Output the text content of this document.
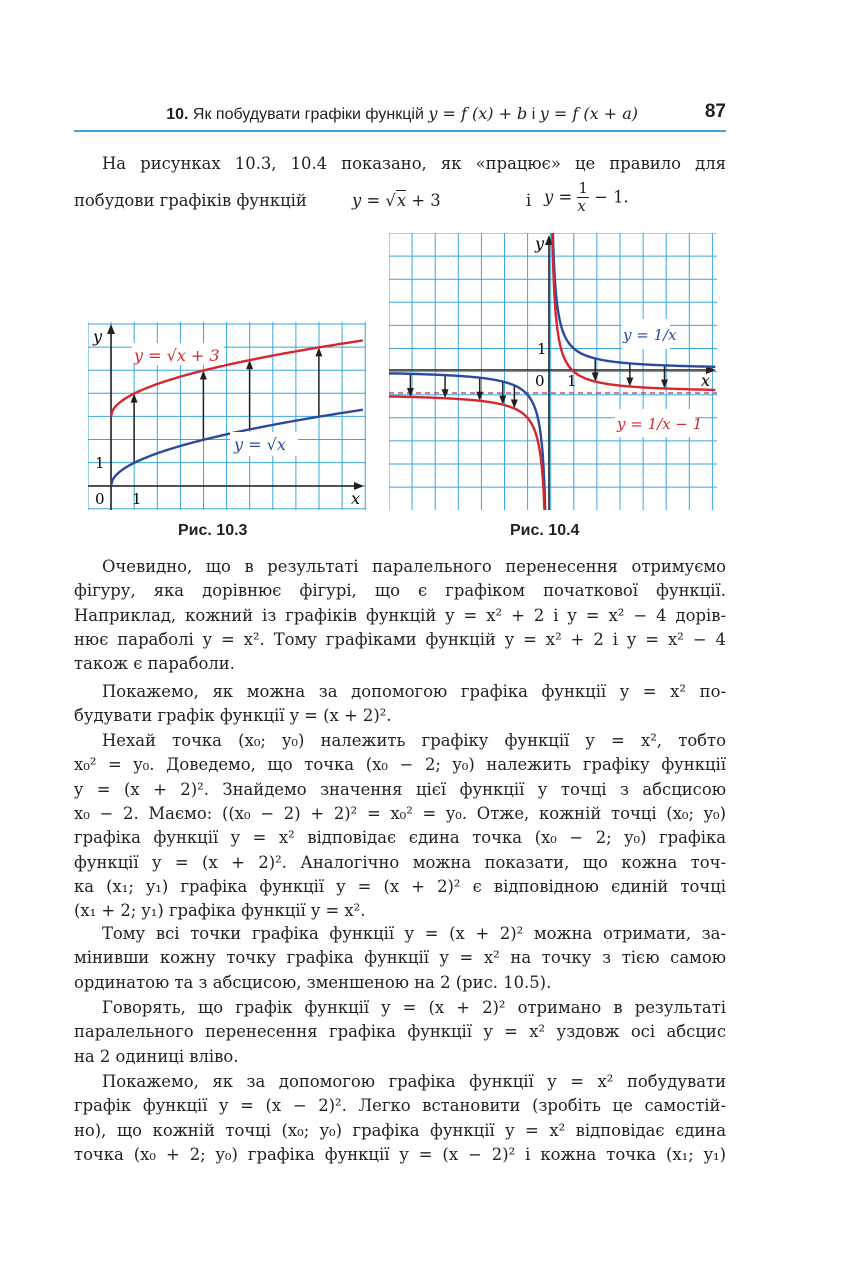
10. Як побудувати графіки функцій y = f (x) + b і y = f (x + a)	87
На рисунках 10.3, 10.4 показано, як «працює» це правило для
побудови графіків функцій	y = √x + 3	і $y = \frac{1}{x} - 1$.
y
x
0 1
1
y = √x + 3
y = √x
Рис. 10.3
y
x
0 1
1
y = 1/x
y = 1/x − 1
Рис. 10.4
Очевидно, що в результаті паралельного перенесення отримуємо
фігуру, яка дорівнює фігурі, що є графіком початкової функції.
Наприклад, кожний із графіків функцій y = x² + 2 і y = x² − 4 дорів-
нює параболі y = x². Тому графіками функцій y = x² + 2 і y = x² − 4
також є параболи.
Покажемо, як можна за допомогою графіка функції y = x² по-
будувати графік функції y = (x + 2)².
Нехай точка (x₀; y₀) належить графіку функції y = x², тобто
x₀² = y₀. Доведемо, що точка (x₀ − 2; y₀) належить графіку функції
y = (x + 2)². Знайдемо значення цієї функції у точці з абсцисою
x₀ − 2. Маємо: ((x₀ − 2) + 2)² = x₀² = y₀. Отже, кожній точці (x₀; y₀)
графіка функції y = x² відповідає єдина точка (x₀ − 2; y₀) графіка
функції y = (x + 2)². Аналогічно можна показати, що кожна точ-
ка (x₁; y₁) графіка функції y = (x + 2)² є відповідною єдиній точці
(x₁ + 2; y₁) графіка функції y = x².
Тому всі точки графіка функції y = (x + 2)² можна отримати, за-
мінивши кожну точку графіка функції y = x² на точку з тією самою
ординатою та з абсцисою, зменшеною на 2 (рис. 10.5).
Говорять, що графік функції y = (x + 2)² отримано в результаті
паралельного перенесення графіка функції y = x² уздовж осі абсцис
на 2 одиниці вліво.
Покажемо, як за допомогою графіка функції y = x² побудувати
графік функції y = (x − 2)². Легко встановити (зробіть це самостій-
но), що кожній точці (x₀; y₀) графіка функції y = x² відповідає єдина
точка (x₀ + 2; y₀) графіка функції y = (x − 2)² і кожна точка (x₁; y₁)
